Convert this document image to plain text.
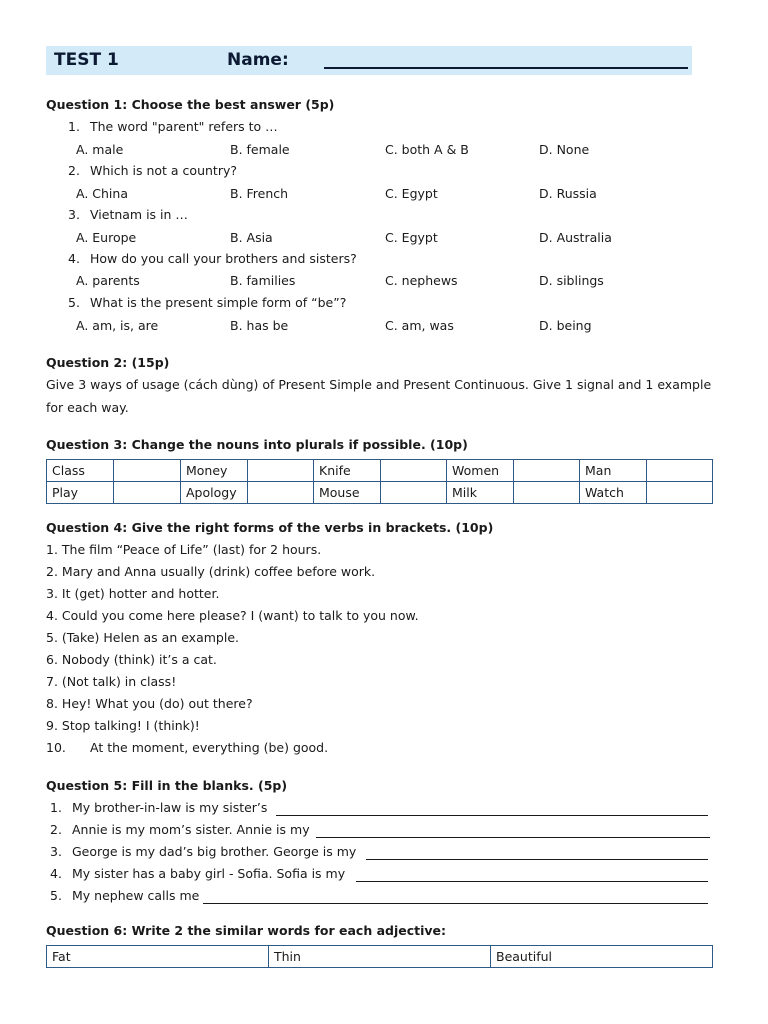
TEST 1	Name:
Question 1: Choose the best answer (5p)
1. The word "parent" refers to …
A. male	B. female	C. both A & B	D. None
2. Which is not a country?
A. China	B. French	C. Egypt	D. Russia
3. Vietnam is in …
A. Europe	B. Asia	C. Egypt	D. Australia
4. How do you call your brothers and sisters?
A. parents	B. families	C. nephews	D. siblings
5. What is the present simple form of “be”?
A. am, is, are	B. has be	C. am, was	D. being
Question 2: (15p)
Give 3 ways of usage (cách dùng) of Present Simple and Present Continuous. Give 1 signal and 1 example
for each way.
Question 3: Change the nouns into plurals if possible. (10p)
Class		Money		Knife		Women		Man	
Play		Apology		Mouse		Milk		Watch	
Question 4: Give the right forms of the verbs in brackets. (10p)
1. The film “Peace of Life” (last) for 2 hours.
2. Mary and Anna usually (drink) coffee before work.
3. It (get) hotter and hotter.
4. Could you come here please? I (want) to talk to you now.
5. (Take) Helen as an example.
6. Nobody (think) it’s a cat.
7. (Not talk) in class!
8. Hey! What you (do) out there?
9. Stop talking! I (think)!
10. At the moment, everything (be) good.
Question 5: Fill in the blanks. (5p)
1. My brother-in-law is my sister’s
2. Annie is my mom’s sister. Annie is my
3. George is my dad’s big brother. George is my
4. My sister has a baby girl - Sofia. Sofia is my
5. My nephew calls me
Question 6: Write 2 the similar words for each adjective:
Fat	Thin	Beautiful
